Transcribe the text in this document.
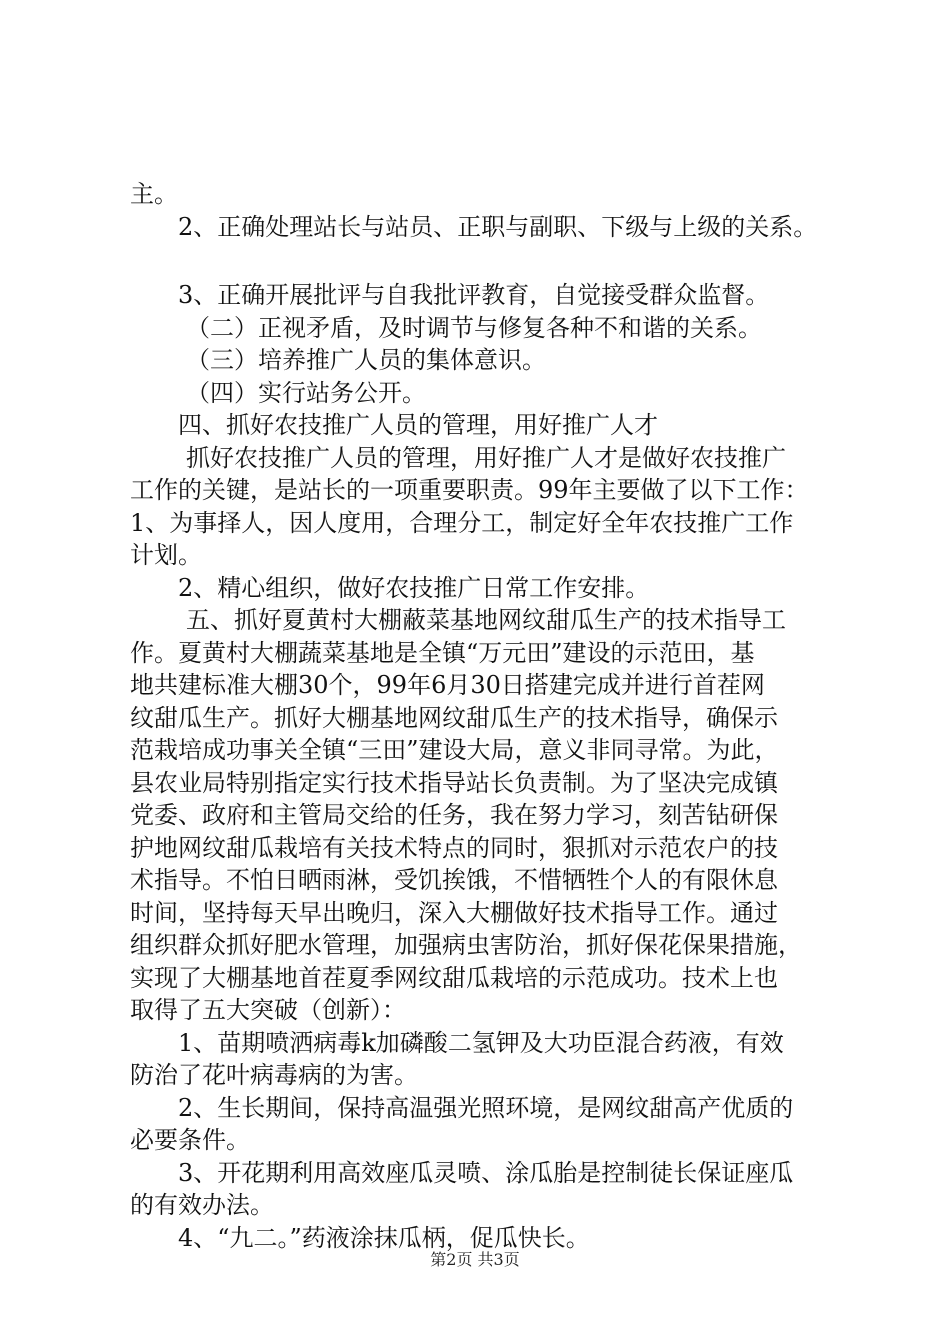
主。
2、正确处理站长与站员、正职与副职、下级与上级的关系。
3、正确开展批评与自我批评教育，自觉接受群众监督。
（二）正视矛盾，及时调节与修复各种不和谐的关系。
（三）培养推广人员的集体意识。
（四）实行站务公开。
四、抓好农技推广人员的管理，用好推广人才
抓好农技推广人员的管理，用好推广人才是做好农技推广
工作的关键，是站长的一项重要职责。99年主要做了以下工作：
1、为事择人，因人度用，合理分工，制定好全年农技推广工作
计划。
2、精心组织，做好农技推广日常工作安排。
五、抓好夏黄村大棚蔽菜基地网纹甜瓜生产的技术指导工
作。夏黄村大棚蔬菜基地是全镇“万元田”建设的示范田，基
地共建标准大棚30个，99年6月30日搭建完成并进行首茬网
纹甜瓜生产。抓好大棚基地网纹甜瓜生产的技术指导，确保示
范栽培成功事关全镇“三田”建设大局，意义非同寻常。为此，
县农业局特别指定实行技术指导站长负责制。为了坚决完成镇
党委、政府和主管局交给的任务，我在努力学习，刻苦钻研保
护地网纹甜瓜栽培有关技术特点的同时，狠抓对示范农户的技
术指导。不怕日晒雨淋，受饥挨饿，不惜牺牲个人的有限休息
时间，坚持每天早出晚归，深入大棚做好技术指导工作。通过
组织群众抓好肥水管理，加强病虫害防治，抓好保花保果措施，
实现了大棚基地首茬夏季网纹甜瓜栽培的示范成功。技术上也
取得了五大突破（创新）：
1、苗期喷洒病毒k加磷酸二氢钾及大功臣混合药液，有效
防治了花叶病毒病的为害。
2、生长期间，保持高温强光照环境，是网纹甜高产优质的
必要条件。
3、开花期利用高效座瓜灵喷、涂瓜胎是控制徒长保证座瓜
的有效办法。
4、“九二。”药液涂抹瓜柄，促瓜快长。
第2页 共3页
